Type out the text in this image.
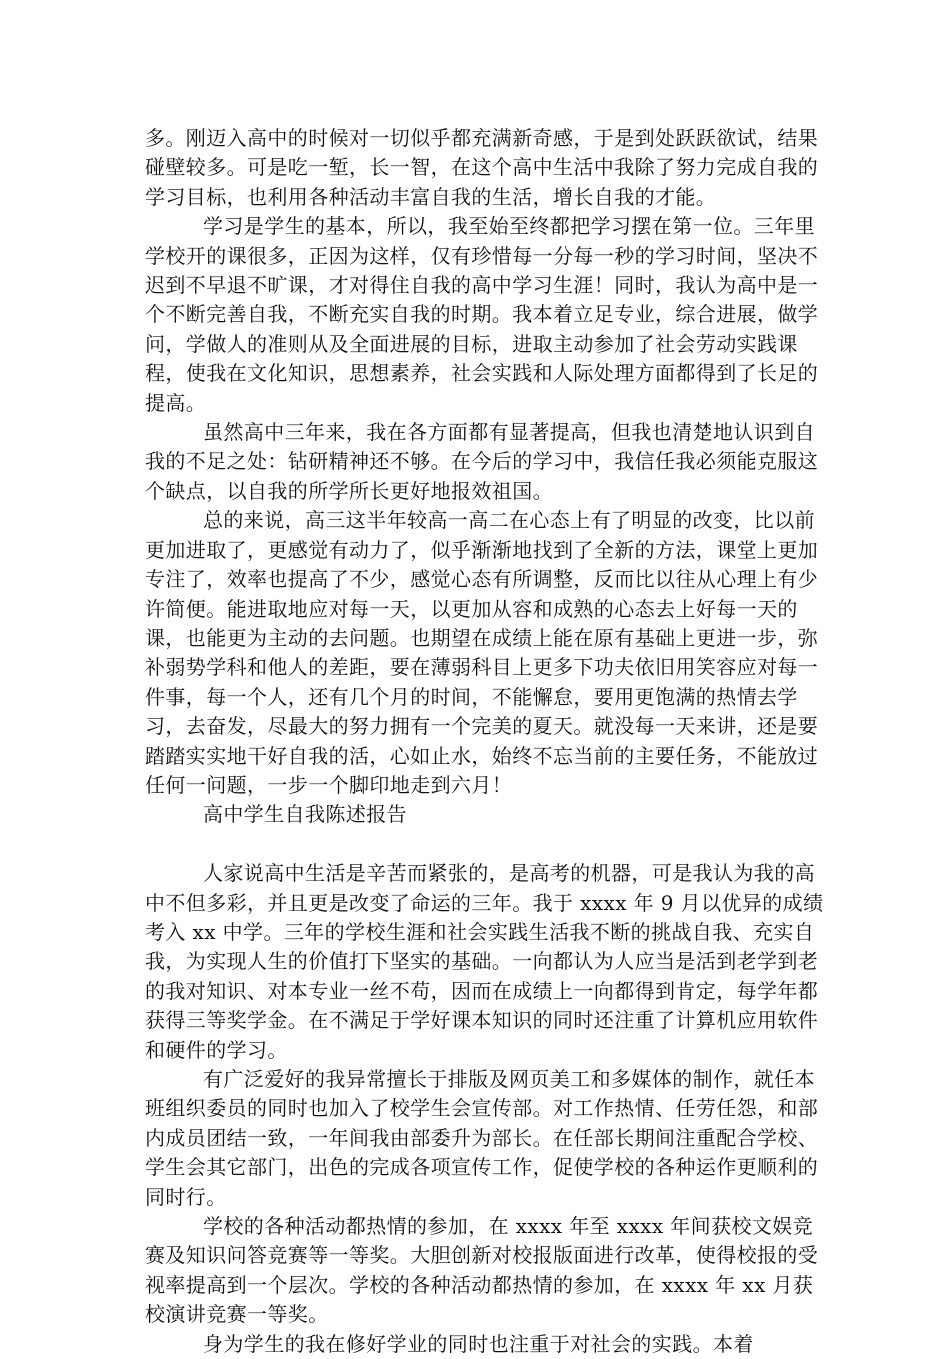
多。刚迈入高中的时候对一切似乎都充满新奇感，于是到处跃跃欲试，结果碰壁较多。可是吃一堑，长一智，在这个高中生活中我除了努力完成自我的学习目标，也利用各种活动丰富自我的生活，增长自我的才能。

学习是学生的基本，所以，我至始至终都把学习摆在第一位。三年里学校开的课很多，正因为这样，仅有珍惜每一分每一秒的学习时间，坚决不迟到不早退不旷课，才对得住自我的高中学习生涯！同时，我认为高中是一个不断完善自我，不断充实自我的时期。我本着立足专业，综合进展，做学问，学做人的准则从及全面进展的目标，进取主动参加了社会劳动实践课程，使我在文化知识，思想素养，社会实践和人际处理方面都得到了长足的提高。

虽然高中三年来，我在各方面都有显著提高，但我也清楚地认识到自我的不足之处：钻研精神还不够。在今后的学习中，我信任我必须能克服这个缺点，以自我的所学所长更好地报效祖国。

总的来说，高三这半年较高一高二在心态上有了明显的改变，比以前更加进取了，更感觉有动力了，似乎渐渐地找到了全新的方法，课堂上更加专注了，效率也提高了不少，感觉心态有所调整，反而比以往从心理上有少许简便。能进取地应对每一天，以更加从容和成熟的心态去上好每一天的课，也能更为主动的去问题。也期望在成绩上能在原有基础上更进一步，弥补弱势学科和他人的差距，要在薄弱科目上更多下功夫依旧用笑容应对每一件事，每一个人，还有几个月的时间，不能懈怠，要用更饱满的热情去学习，去奋发，尽最大的努力拥有一个完美的夏天。就没每一天来讲，还是要踏踏实实地干好自我的活，心如止水，始终不忘当前的主要任务，不能放过任何一问题，一步一个脚印地走到六月！

高中学生自我陈述报告

人家说高中生活是辛苦而紧张的，是高考的机器，可是我认为我的高中不但多彩，并且更是改变了命运的三年。我于 xxxx 年 9 月以优异的成绩考入 xx 中学。三年的学校生涯和社会实践生活我不断的挑战自我、充实自我，为实现人生的价值打下坚实的基础。一向都认为人应当是活到老学到老的我对知识、对本专业一丝不苟，因而在成绩上一向都得到肯定，每学年都获得三等奖学金。在不满足于学好课本知识的同时还注重了计算机应用软件和硬件的学习。

有广泛爱好的我异常擅长于排版及网页美工和多媒体的制作，就任本班组织委员的同时也加入了校学生会宣传部。对工作热情、任劳任怨，和部内成员团结一致，一年间我由部委升为部长。在任部长期间注重配合学校、学生会其它部门，出色的完成各项宣传工作，促使学校的各种运作更顺利的同时行。

学校的各种活动都热情的参加，在 xxxx 年至 xxxx 年间获校文娱竞赛及知识问答竞赛等一等奖。大胆创新对校报版面进行改革，使得校报的受视率提高到一个层次。学校的各种活动都热情的参加，在 xxxx 年 xx 月获校演讲竞赛一等奖。

身为学生的我在修好学业的同时也注重于对社会的实践。本着
